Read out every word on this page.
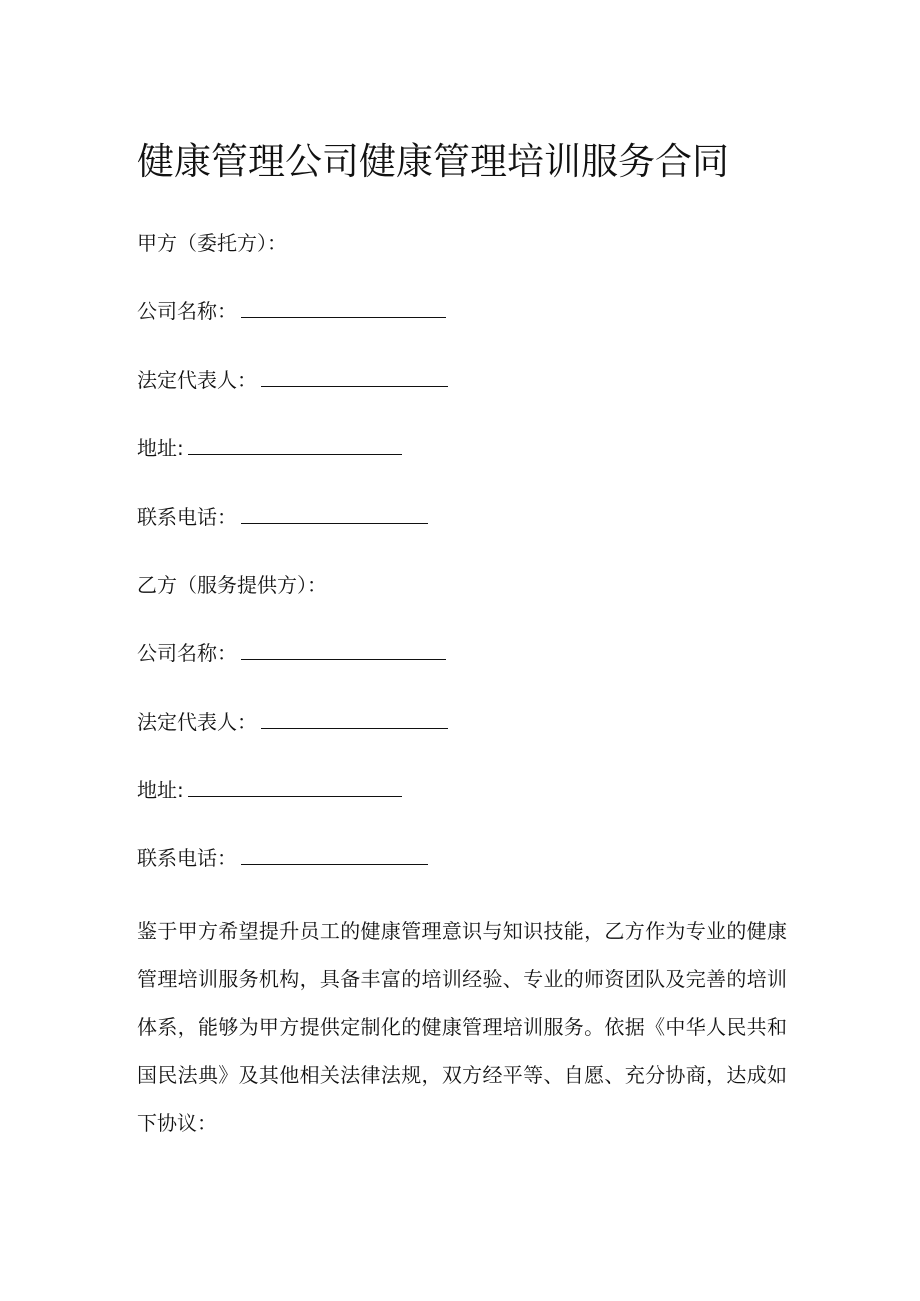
健康管理公司健康管理培训服务合同
甲方（委托方）：
公司名称：
法定代表人：
地址:
联系电话：
乙方（服务提供方）：
公司名称：
法定代表人：
地址:
联系电话：

鉴于甲方希望提升员工的健康管理意识与知识技能，乙方作为专业的健康管理培训服务机构，具备丰富的培训经验、专业的师资团队及完善的培训体系，能够为甲方提供定制化的健康管理培训服务。依据《中华人民共和国民法典》及其他相关法律法规，双方经平等、自愿、充分协商，达成如下协议：
